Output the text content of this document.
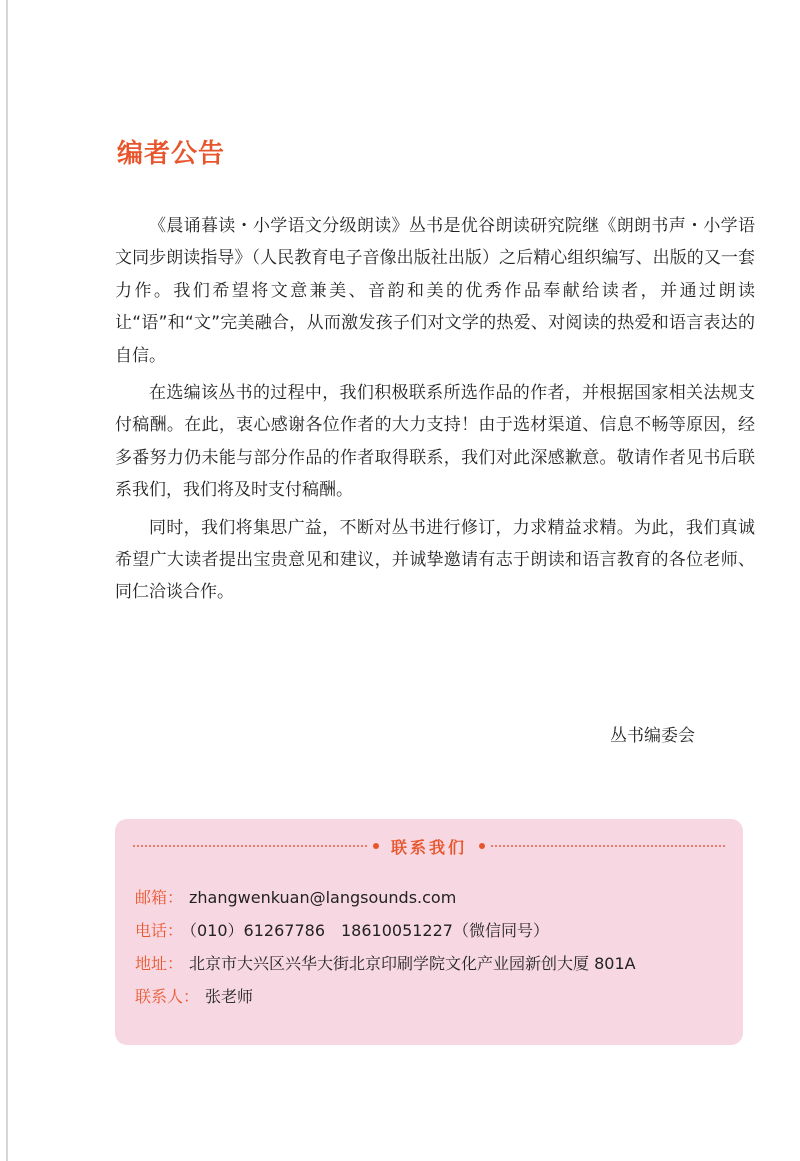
编者公告

《晨诵暮读・小学语文分级朗读》丛书是优谷朗读研究院继《朗朗书声・小学语文同步朗读指导》（人民教育电子音像出版社出版）之后精心组织编写、出版的又一套力作。我们希望将文意兼美、音韵和美的优秀作品奉献给读者，并通过朗读让“语”和“文”完美融合，从而激发孩子们对文学的热爱、对阅读的热爱和语言表达的自信。

在选编该丛书的过程中，我们积极联系所选作品的作者，并根据国家相关法规支付稿酬。在此，衷心感谢各位作者的大力支持！由于选材渠道、信息不畅等原因，经多番努力仍未能与部分作品的作者取得联系，我们对此深感歉意。敬请作者见书后联系我们，我们将及时支付稿酬。

同时，我们将集思广益，不断对丛书进行修订，力求精益求精。为此，我们真诚希望广大读者提出宝贵意见和建议，并诚挚邀请有志于朗读和语言教育的各位老师、同仁洽谈合作。

丛书编委会
联系我们
邮箱： zhangwenkuan@langsounds.com
电话： （010）61267786　18610051227（微信同号）
地址： 北京市大兴区兴华大街北京印刷学院文化产业园新创大厦 801A
联系人： 张老师
